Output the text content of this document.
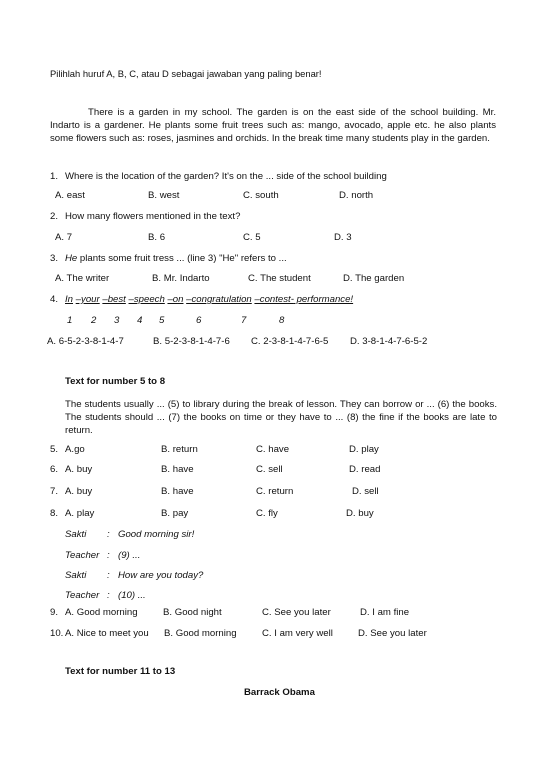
Pilihlah huruf A, B, C, atau D sebagai jawaban yang paling benar!
There is a garden in my school. The garden is on the east side of the school building. Mr. Indarto is a gardener. He plants some fruit trees such as: mango, avocado, apple etc. he also plants some flowers such as: roses, jasmines and orchids. In the break time many students play in the garden.
1. Where is the location of the garden? It's on the ... side of the school building
A. east	B. west	C. south	D. north
2. How many flowers mentioned in the text?
A. 7	B. 6	C. 5	D. 3
3. He plants some fruit tress ... (line 3) "He" refers to ...
A. The writer	B. Mr. Indarto	C. The student	D. The garden
4. In –your –best –speech –on –congratulation –contest- performance!
1 2 3 4 5	6	7	8
A. 6-5-2-3-8-1-4-7	B. 5-2-3-8-1-4-7-6 C. 2-3-8-1-4-7-6-5 D. 3-8-1-4-7-6-5-2
Text for number 5 to 8
The students usually ... (5) to library during the break of lesson. They can borrow or ... (6) the books. The students should ... (7) the books on time or they have to ... (8) the fine if the books are late to return.
5. A.go	B. return	C. have	D. play
6. A. buy	B. have	C. sell	D. read
7. A. buy	B. have	C. return	D. sell
8. A. play	B. pay	C. fly	D. buy
Sakti : Good morning sir!
Teacher : (9) ...
Sakti : How are you today?
Teacher : (10) ...
9. A. Good morning	B. Good night	C. See you later	D. I am fine
10. A. Nice to meet you B. Good morning	C. I am very well	D. See you later
Text for number 11 to 13
Barrack Obama
